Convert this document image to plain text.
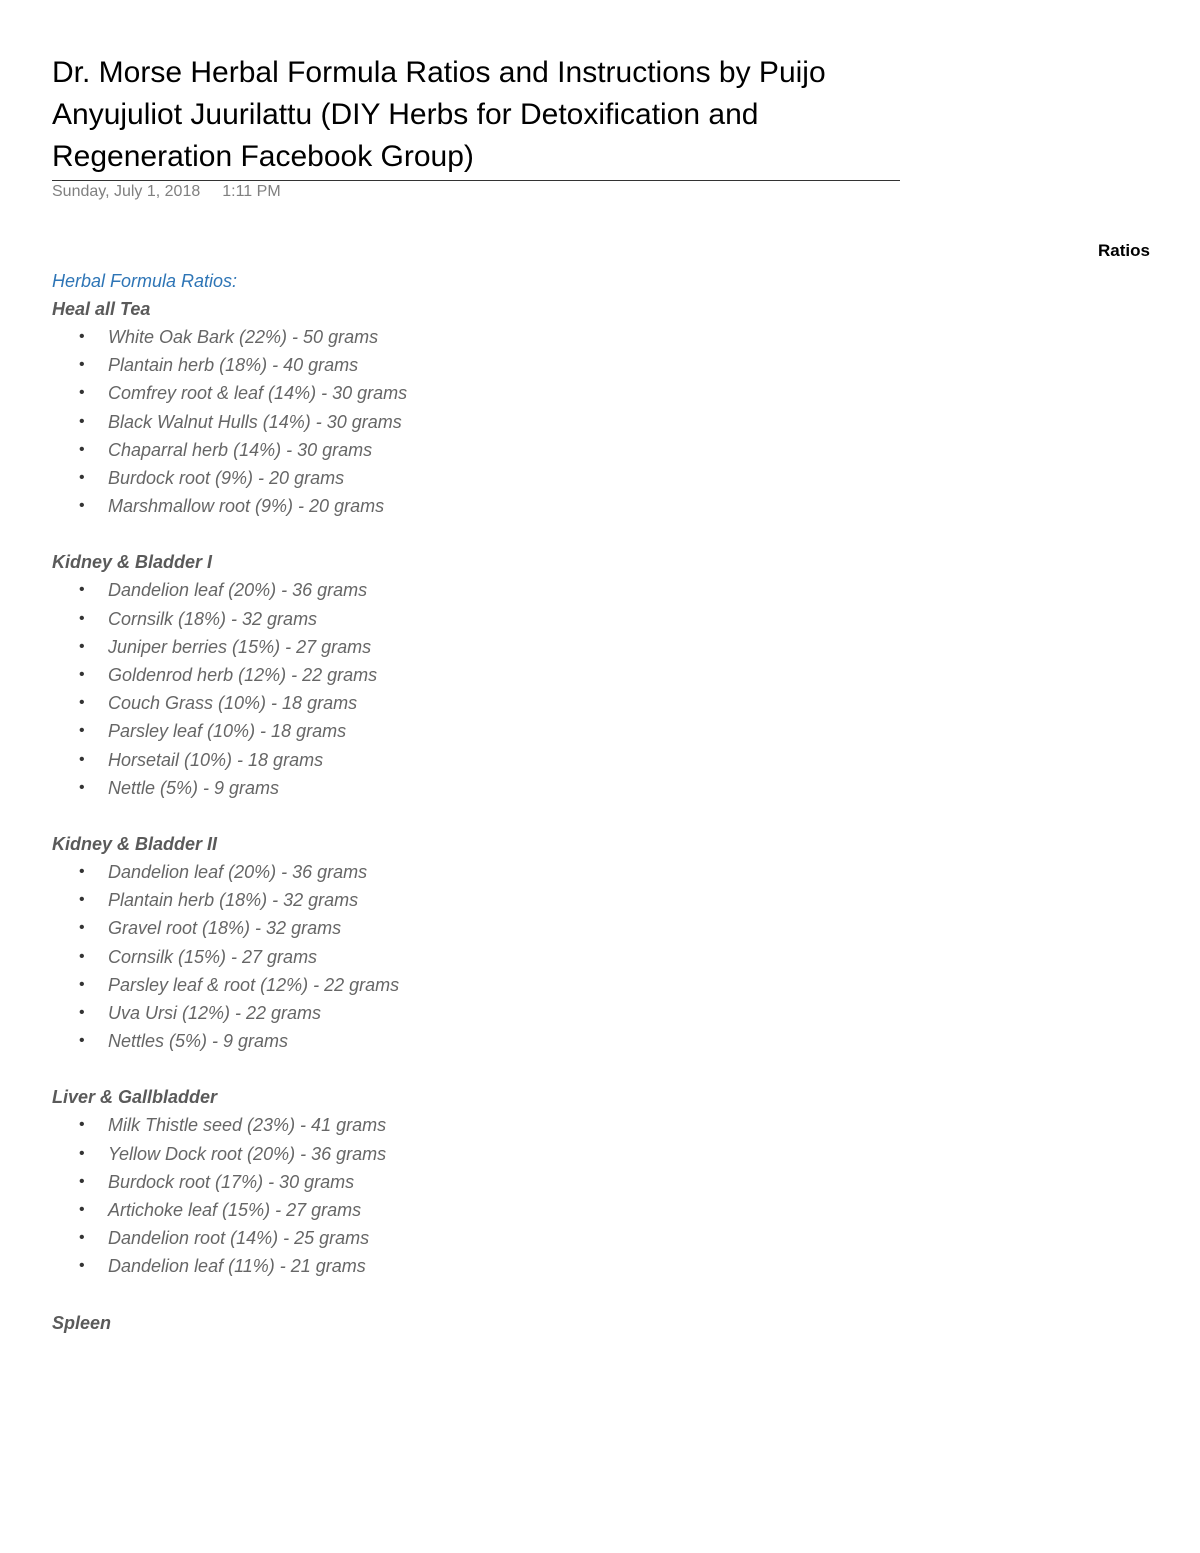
Dr. Morse Herbal Formula Ratios and Instructions by Puijo Anyujuliot Juurilattu (DIY Herbs for Detoxification and Regeneration Facebook Group)
Sunday, July 1, 2018 1:11 PM
Ratios

Herbal Formula Ratios:

Heal all Tea

• White Oak Bark (22%) - 50 grams
• Plantain herb (18%) - 40 grams
• Comfrey root & leaf (14%) - 30 grams
• Black Walnut Hulls (14%) - 30 grams
• Chaparral herb (14%) - 30 grams
• Burdock root (9%) - 20 grams
• Marshmallow root (9%) - 20 grams

Kidney & Bladder I

• Dandelion leaf (20%) - 36 grams
• Cornsilk (18%) - 32 grams
• Juniper berries (15%) - 27 grams
• Goldenrod herb (12%) - 22 grams
• Couch Grass (10%) - 18 grams
• Parsley leaf (10%) - 18 grams
• Horsetail (10%) - 18 grams
• Nettle (5%) - 9 grams

Kidney & Bladder II

• Dandelion leaf (20%) - 36 grams
• Plantain herb (18%) - 32 grams
• Gravel root (18%) - 32 grams
• Cornsilk (15%) - 27 grams
• Parsley leaf & root (12%) - 22 grams
• Uva Ursi (12%) - 22 grams
• Nettles (5%) - 9 grams

Liver & Gallbladder

• Milk Thistle seed (23%) - 41 grams
• Yellow Dock root (20%) - 36 grams
• Burdock root (17%) - 30 grams
• Artichoke leaf (15%) - 27 grams
• Dandelion root (14%) - 25 grams
• Dandelion leaf (11%) - 21 grams

Spleen
